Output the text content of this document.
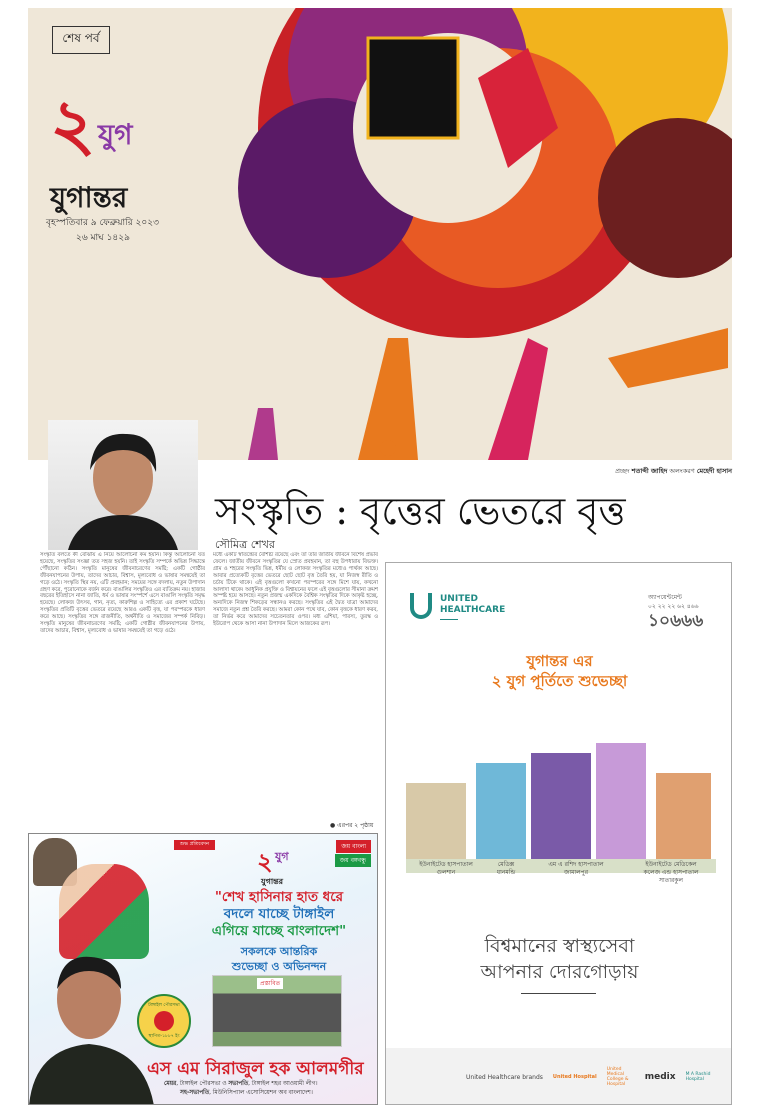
শেষ পর্ব
২ যুগ
যুগান্তর
বৃহস্পতিবার ৯ ফেব্রুয়ারি ২০২৩
২৬ মাঘ ১৪২৯
প্রচ্ছদ শতাব্দী জাহিদ অলংকরণ মেহেদী হাসান
সংস্কৃতি : বৃত্তের ভেতরে বৃত্ত
সৌমিত্র শেখর
সংস্কৃতি বলতে কী বোঝায় এ নিয়ে আলোচনা কম হয়নি। কিন্তু আলোচনা যত হয়েছে, সংস্কৃতির সংজ্ঞা তত সহজ হয়নি। তাই সংস্কৃতি সম্পর্কে অভিন্ন সিদ্ধান্তে পৌঁছানো কঠিন। সংস্কৃতি মানুষের জীবনাচরণের সমষ্টি; একটি গোষ্ঠীর জীবনযাপনের উপায়, তাদের আচার, বিশ্বাস, মূল্যবোধ ও ভাষার সমন্বয়েই তা গড়ে ওঠে। সংস্কৃতি স্থির নয়, এটি প্রবহমান; সময়ের সঙ্গে বদলায়, নতুন উপাদান গ্রহণ করে, পুরোনোকে বর্জন করে। বাঙালির সংস্কৃতিও এর ব্যতিক্রম নয়। হাজার বছরের ইতিহাসে নানা জাতি, ধর্ম ও ভাষার সংস্পর্শে এসে বাঙালি সংস্কৃতি সমৃদ্ধ হয়েছে। লোকজ উৎসব, গান, নৃত্য, কারুশিল্প ও সাহিত্যে এর প্রকাশ ঘটেছে। সংস্কৃতির প্রতিটি বৃত্তের ভেতরে রয়েছে আরও একটি বৃত্ত, যা পরস্পরকে ধারণ করে আছে। সংস্কৃতির সঙ্গে রাজনীতি, অর্থনীতি ও সমাজের সম্পর্ক নিবিড়। সংস্কৃতি মানুষের জীবনাচরণের সমষ্টি; একটি গোষ্ঠীর জীবনযাপনের উপায়, তাদের আচার, বিশ্বাস, মূল্যবোধ ও ভাষার সমন্বয়েই তা গড়ে ওঠে।
মধ্যে একটি স্বাতন্ত্র্যের বৈশিষ্ট্য রয়েছে এবং তা তার জাতীয় জীবনে বিশেষ প্রভাব ফেলে। জাতীয় জীবনে সংস্কৃতির যে স্রোত প্রবহমান, তা বহু উপধারায় বিভক্ত। গ্রাম ও শহরের সংস্কৃতি ভিন্ন, ধর্মীয় ও লোকজ সংস্কৃতির মধ্যেও পার্থক্য আছে। আবার প্রত্যেকটি বৃত্তের ভেতরে ছোট ছোট বৃত্ত তৈরি হয়, যা নিজস্ব রীতি ও চর্চায় টিকে থাকে। এই বৃত্তগুলো কখনো পরস্পরের সঙ্গে মিশে যায়, কখনো আলাদা থাকে। আধুনিক প্রযুক্তি ও বিশ্বায়নের ফলে এই বৃত্তগুলোর সীমানা ক্রমশ অস্পষ্ট হয়ে আসছে। নতুন প্রজন্ম একদিকে বৈশ্বিক সংস্কৃতির দিকে আকৃষ্ট হচ্ছে, অন্যদিকে নিজস্ব শিকড়ের সন্ধানও করছে। সংস্কৃতির এই দ্বৈত যাত্রা আমাদের সমাজে নতুন প্রশ্ন তৈরি করছে। আমরা কোন পথে যাব, কোন বৃত্তকে ধারণ করব, তা নির্ভর করে আমাদের সচেতনতার ওপর। মধ্য এশিয়া, পারস্য, তুরস্ক ও ইউরোপ থেকে আসা নানা উপাদান মিলে আজকের রূপ।
● এরপর ২ পৃষ্ঠায়
শুভ প্রতিবেদন	জয় বাংলা
জয় বঙ্গবন্ধু
২ যুগ
যুগান্তর
"শেখ হাসিনার হাত ধরে
বদলে যাচ্ছে টাঙ্গাইল
এগিয়ে যাচ্ছে বাংলাদেশ"
সকলকে আন্তরিক
শুভেচ্ছা ও অভিনন্দন
প্রস্তাবিত
টাঙ্গাইল পৌরসভা
স্থাপিত-১৮৮৭ ইং
এস এম সিরাজুল হক আলমগীর
মেয়র, টাঙ্গাইল পৌরসভা ও সভাপতি, টাঙ্গাইল শহর আওয়ামী লীগ।
সহ-সভাপতি, মিউনিসিপ্যাল এসোসিয়েশন অব বাংলাদেশ।
UNITED
HEALTHCARE
অ্যাপয়েন্টমেন্ট
০২ ২২ ২২ ৬২ ৪৬৬
১০৬৬৬
যুগান্তর এর
২ যুগ পূর্তিতে শুভেচ্ছা
ইউনাইটেড হাসপাতাল
গুলশান
মেডিক্স
ধানমন্ডি
এম এ রশিদ হাসপাতাল
জামালপুর
ইউনাইটেড মেডিকেল
কলেজ এন্ড হাসপাতাল
সাতারকুল
বিশ্বমানের স্বাস্থ্যসেবা
আপনার দোরগোড়ায়
United Healthcare brands United Hospital
United Medical College & Hospital
medix M A Rashid Hospital
